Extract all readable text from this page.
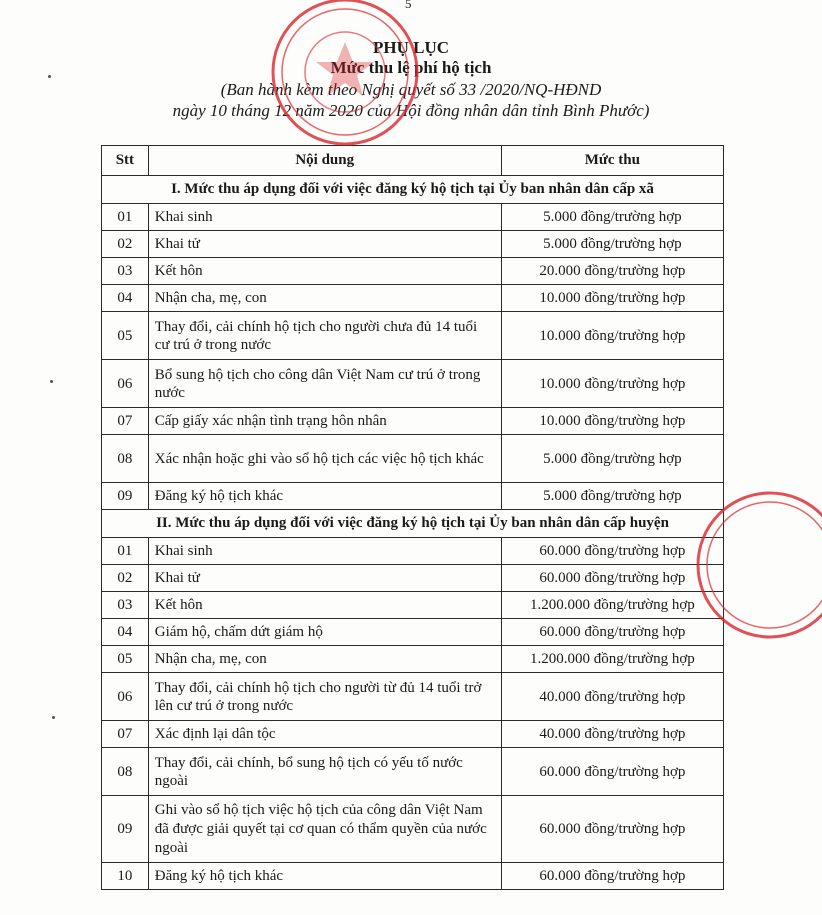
5
PHỤ LỤC
Mức thu lệ phí hộ tịch
(Ban hành kèm theo Nghị quyết số 33 /2020/NQ-HĐND
ngày 10 tháng 12 năm 2020 của Hội đồng nhân dân tỉnh Bình Phước)
Stt	Nội dung	Mức thu
I. Mức thu áp dụng đối với việc đăng ký hộ tịch tại Ủy ban nhân dân cấp xã		
01	Khai sinh	5.000 đồng/trường hợp
02	Khai tử	5.000 đồng/trường hợp
03	Kết hôn	20.000 đồng/trường hợp
04	Nhận cha, mẹ, con	10.000 đồng/trường hợp
05	Thay đổi, cải chính hộ tịch cho người chưa đủ 14 tuổi cư trú ở trong nước	10.000 đồng/trường hợp
06	Bổ sung hộ tịch cho công dân Việt Nam cư trú ở trong nước	10.000 đồng/trường hợp
07	Cấp giấy xác nhận tình trạng hôn nhân	10.000 đồng/trường hợp
08	Xác nhận hoặc ghi vào sổ hộ tịch các việc hộ tịch khác	5.000 đồng/trường hợp
09	Đăng ký hộ tịch khác	5.000 đồng/trường hợp
II. Mức thu áp dụng đối với việc đăng ký hộ tịch tại Ủy ban nhân dân cấp huyện		
01	Khai sinh	60.000 đồng/trường hợp
02	Khai tử	60.000 đồng/trường hợp
03	Kết hôn	1.200.000 đồng/trường hợp
04	Giám hộ, chấm dứt giám hộ	60.000 đồng/trường hợp
05	Nhận cha, mẹ, con	1.200.000 đồng/trường hợp
06	Thay đổi, cải chính hộ tịch cho người từ đủ 14 tuổi trở lên cư trú ở trong nước	40.000 đồng/trường hợp
07	Xác định lại dân tộc	40.000 đồng/trường hợp
08	Thay đổi, cải chính, bổ sung hộ tịch có yếu tố nước ngoài	60.000 đồng/trường hợp
09	Ghi vào sổ hộ tịch việc hộ tịch của công dân Việt Nam đã được giải quyết tại cơ quan có thẩm quyền của nước ngoài	60.000 đồng/trường hợp
10	Đăng ký hộ tịch khác	60.000 đồng/trường hợp
